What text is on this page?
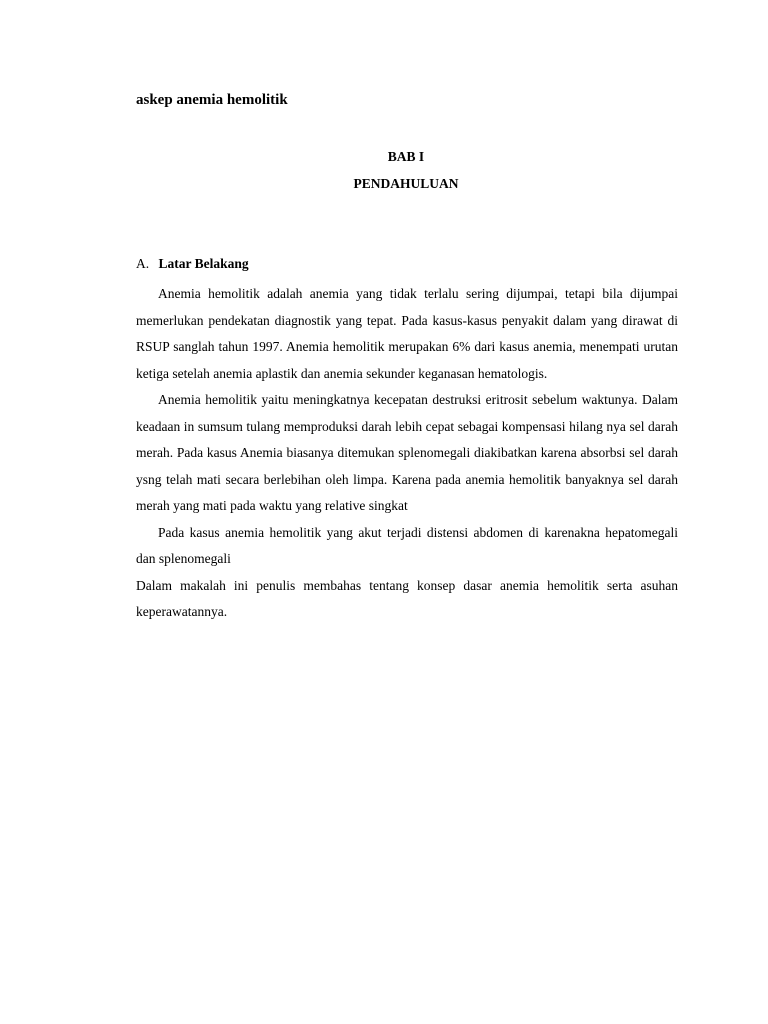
askep anemia hemolitik

BAB I

PENDAHULUAN

A. Latar Belakang

Anemia hemolitik adalah anemia yang tidak terlalu sering dijumpai, tetapi bila dijumpai memerlukan pendekatan diagnostik yang tepat. Pada kasus-kasus penyakit dalam yang dirawat di RSUP sanglah tahun 1997. Anemia hemolitik merupakan 6% dari kasus anemia, menempati urutan ketiga setelah anemia aplastik dan anemia sekunder keganasan hematologis.

Anemia hemolitik yaitu meningkatnya kecepatan destruksi eritrosit sebelum waktunya. Dalam keadaan in sumsum tulang memproduksi darah lebih cepat sebagai kompensasi hilang nya sel darah merah. Pada kasus Anemia biasanya ditemukan splenomegali diakibatkan karena absorbsi sel darah ysng telah mati secara berlebihan oleh limpa. Karena pada anemia hemolitik banyaknya sel darah merah yang mati pada waktu yang relative singkat

Pada kasus anemia hemolitik yang akut terjadi distensi abdomen di karenakna hepatomegali dan splenomegali

Dalam makalah ini penulis membahas tentang konsep dasar anemia hemolitik serta asuhan keperawatannya.
